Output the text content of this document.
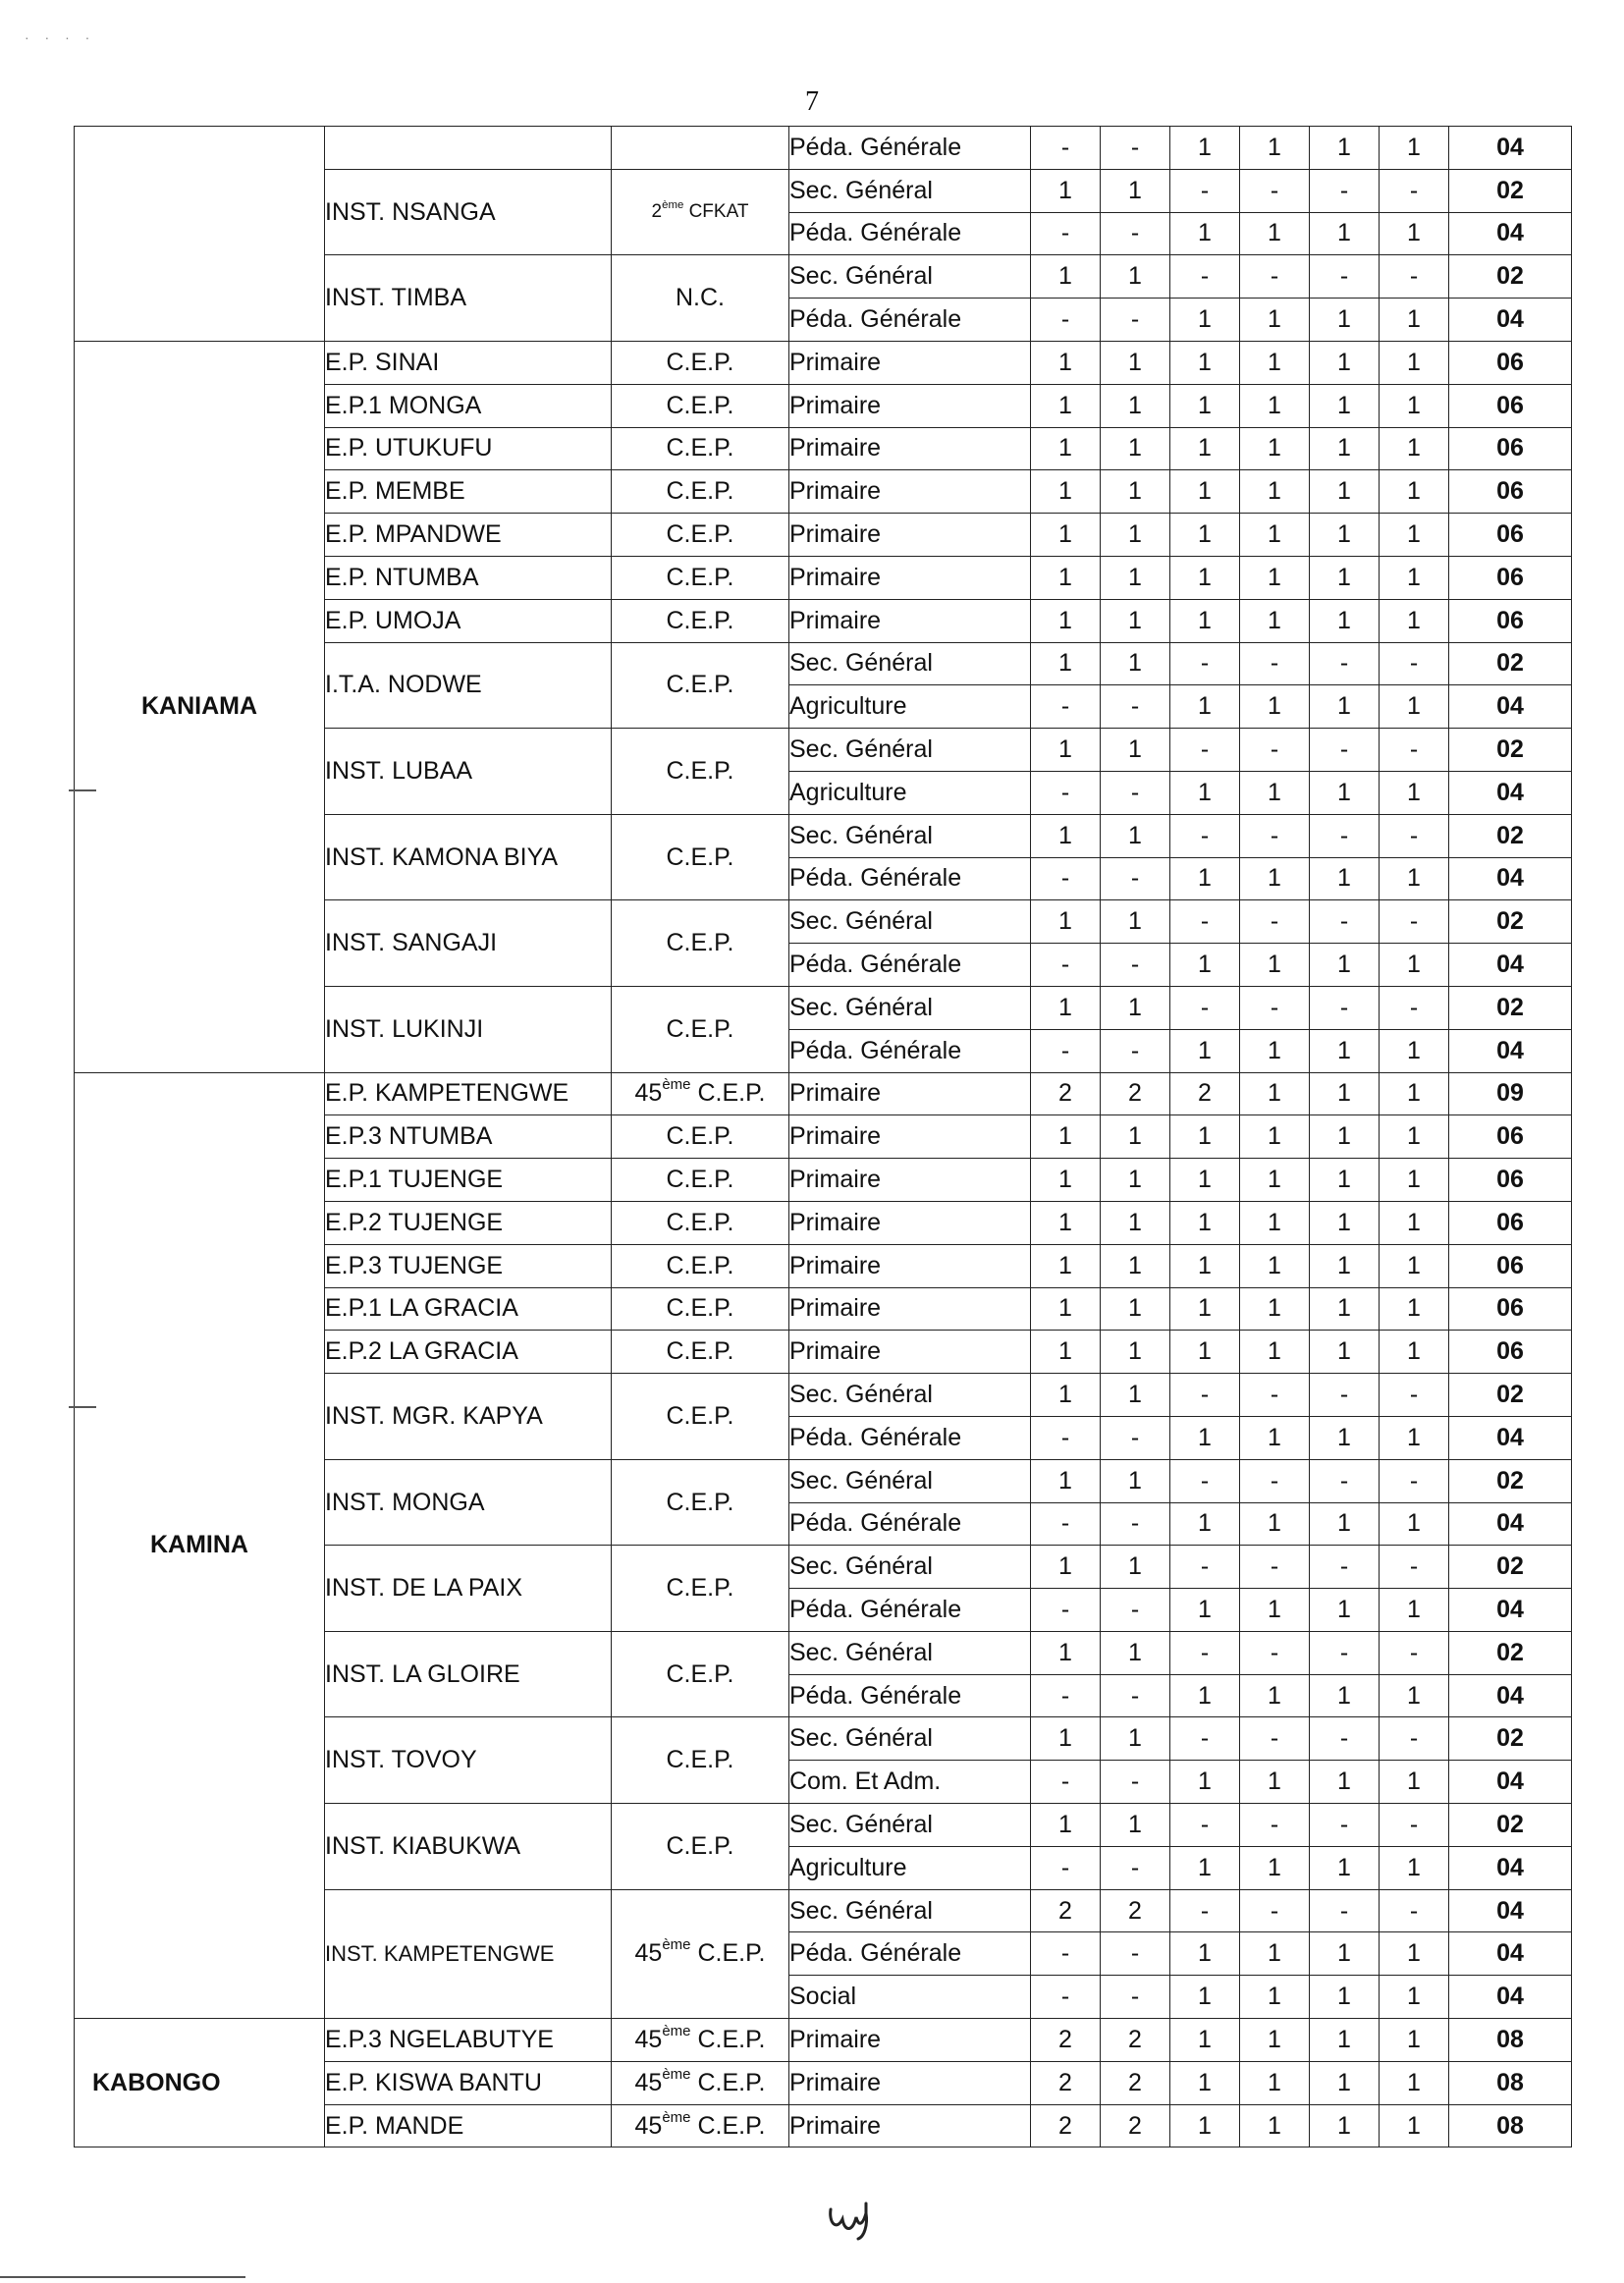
· · · ·
7
			Péda. Générale	-	-	1	1	1	1	04
	INST. NSANGA	2ème CFKAT	Sec. Général	1	1	-	-	-	-	02
			Péda. Générale	-	-	1	1	1	1	04
	INST. TIMBA	N.C.	Sec. Général	1	1	-	-	-	-	02
			Péda. Générale	-	-	1	1	1	1	04
KANIAMA	E.P. SINAI	C.E.P.	Primaire	1	1	1	1	1	1	06
	E.P.1 MONGA	C.E.P.	Primaire	1	1	1	1	1	1	06
	E.P. UTUKUFU	C.E.P.	Primaire	1	1	1	1	1	1	06
	E.P. MEMBE	C.E.P.	Primaire	1	1	1	1	1	1	06
	E.P. MPANDWE	C.E.P.	Primaire	1	1	1	1	1	1	06
	E.P. NTUMBA	C.E.P.	Primaire	1	1	1	1	1	1	06
	E.P. UMOJA	C.E.P.	Primaire	1	1	1	1	1	1	06
	I.T.A. NODWE	C.E.P.	Sec. Général	1	1	-	-	-	-	02
			Agriculture	-	-	1	1	1	1	04
	INST. LUBAA	C.E.P.	Sec. Général	1	1	-	-	-	-	02
			Agriculture	-	-	1	1	1	1	04
	INST. KAMONA BIYA	C.E.P.	Sec. Général	1	1	-	-	-	-	02
			Péda. Générale	-	-	1	1	1	1	04
	INST. SANGAJI	C.E.P.	Sec. Général	1	1	-	-	-	-	02
			Péda. Générale	-	-	1	1	1	1	04
	INST. LUKINJI	C.E.P.	Sec. Général	1	1	-	-	-	-	02
			Péda. Générale	-	-	1	1	1	1	04
KAMINA	E.P. KAMPETENGWE	45ème C.E.P.	Primaire	2	2	2	1	1	1	09
	E.P.3 NTUMBA	C.E.P.	Primaire	1	1	1	1	1	1	06
	E.P.1 TUJENGE	C.E.P.	Primaire	1	1	1	1	1	1	06
	E.P.2 TUJENGE	C.E.P.	Primaire	1	1	1	1	1	1	06
	E.P.3 TUJENGE	C.E.P.	Primaire	1	1	1	1	1	1	06
	E.P.1 LA GRACIA	C.E.P.	Primaire	1	1	1	1	1	1	06
	E.P.2 LA GRACIA	C.E.P.	Primaire	1	1	1	1	1	1	06
	INST. MGR. KAPYA	C.E.P.	Sec. Général	1	1	-	-	-	-	02
			Péda. Générale	-	-	1	1	1	1	04
	INST. MONGA	C.E.P.	Sec. Général	1	1	-	-	-	-	02
			Péda. Générale	-	-	1	1	1	1	04
	INST. DE LA PAIX	C.E.P.	Sec. Général	1	1	-	-	-	-	02
			Péda. Générale	-	-	1	1	1	1	04
	INST. LA GLOIRE	C.E.P.	Sec. Général	1	1	-	-	-	-	02
			Péda. Générale	-	-	1	1	1	1	04
	INST. TOVOY	C.E.P.	Sec. Général	1	1	-	-	-	-	02
			Com. Et Adm.	-	-	1	1	1	1	04
	INST. KIABUKWA	C.E.P.	Sec. Général	1	1	-	-	-	-	02
			Agriculture	-	-	1	1	1	1	04
	INST. KAMPETENGWE	45ème C.E.P.	Sec. Général	2	2	-	-	-	-	04
			Péda. Générale	-	-	1	1	1	1	04
			Social	-	-	1	1	1	1	04
KABONGO	E.P.3 NGELABUTYE	45ème C.E.P.	Primaire	2	2	1	1	1	1	08
	E.P. KISWA BANTU	45ème C.E.P.	Primaire	2	2	1	1	1	1	08
	E.P. MANDE	45ème C.E.P.	Primaire	2	2	1	1	1	1	08
